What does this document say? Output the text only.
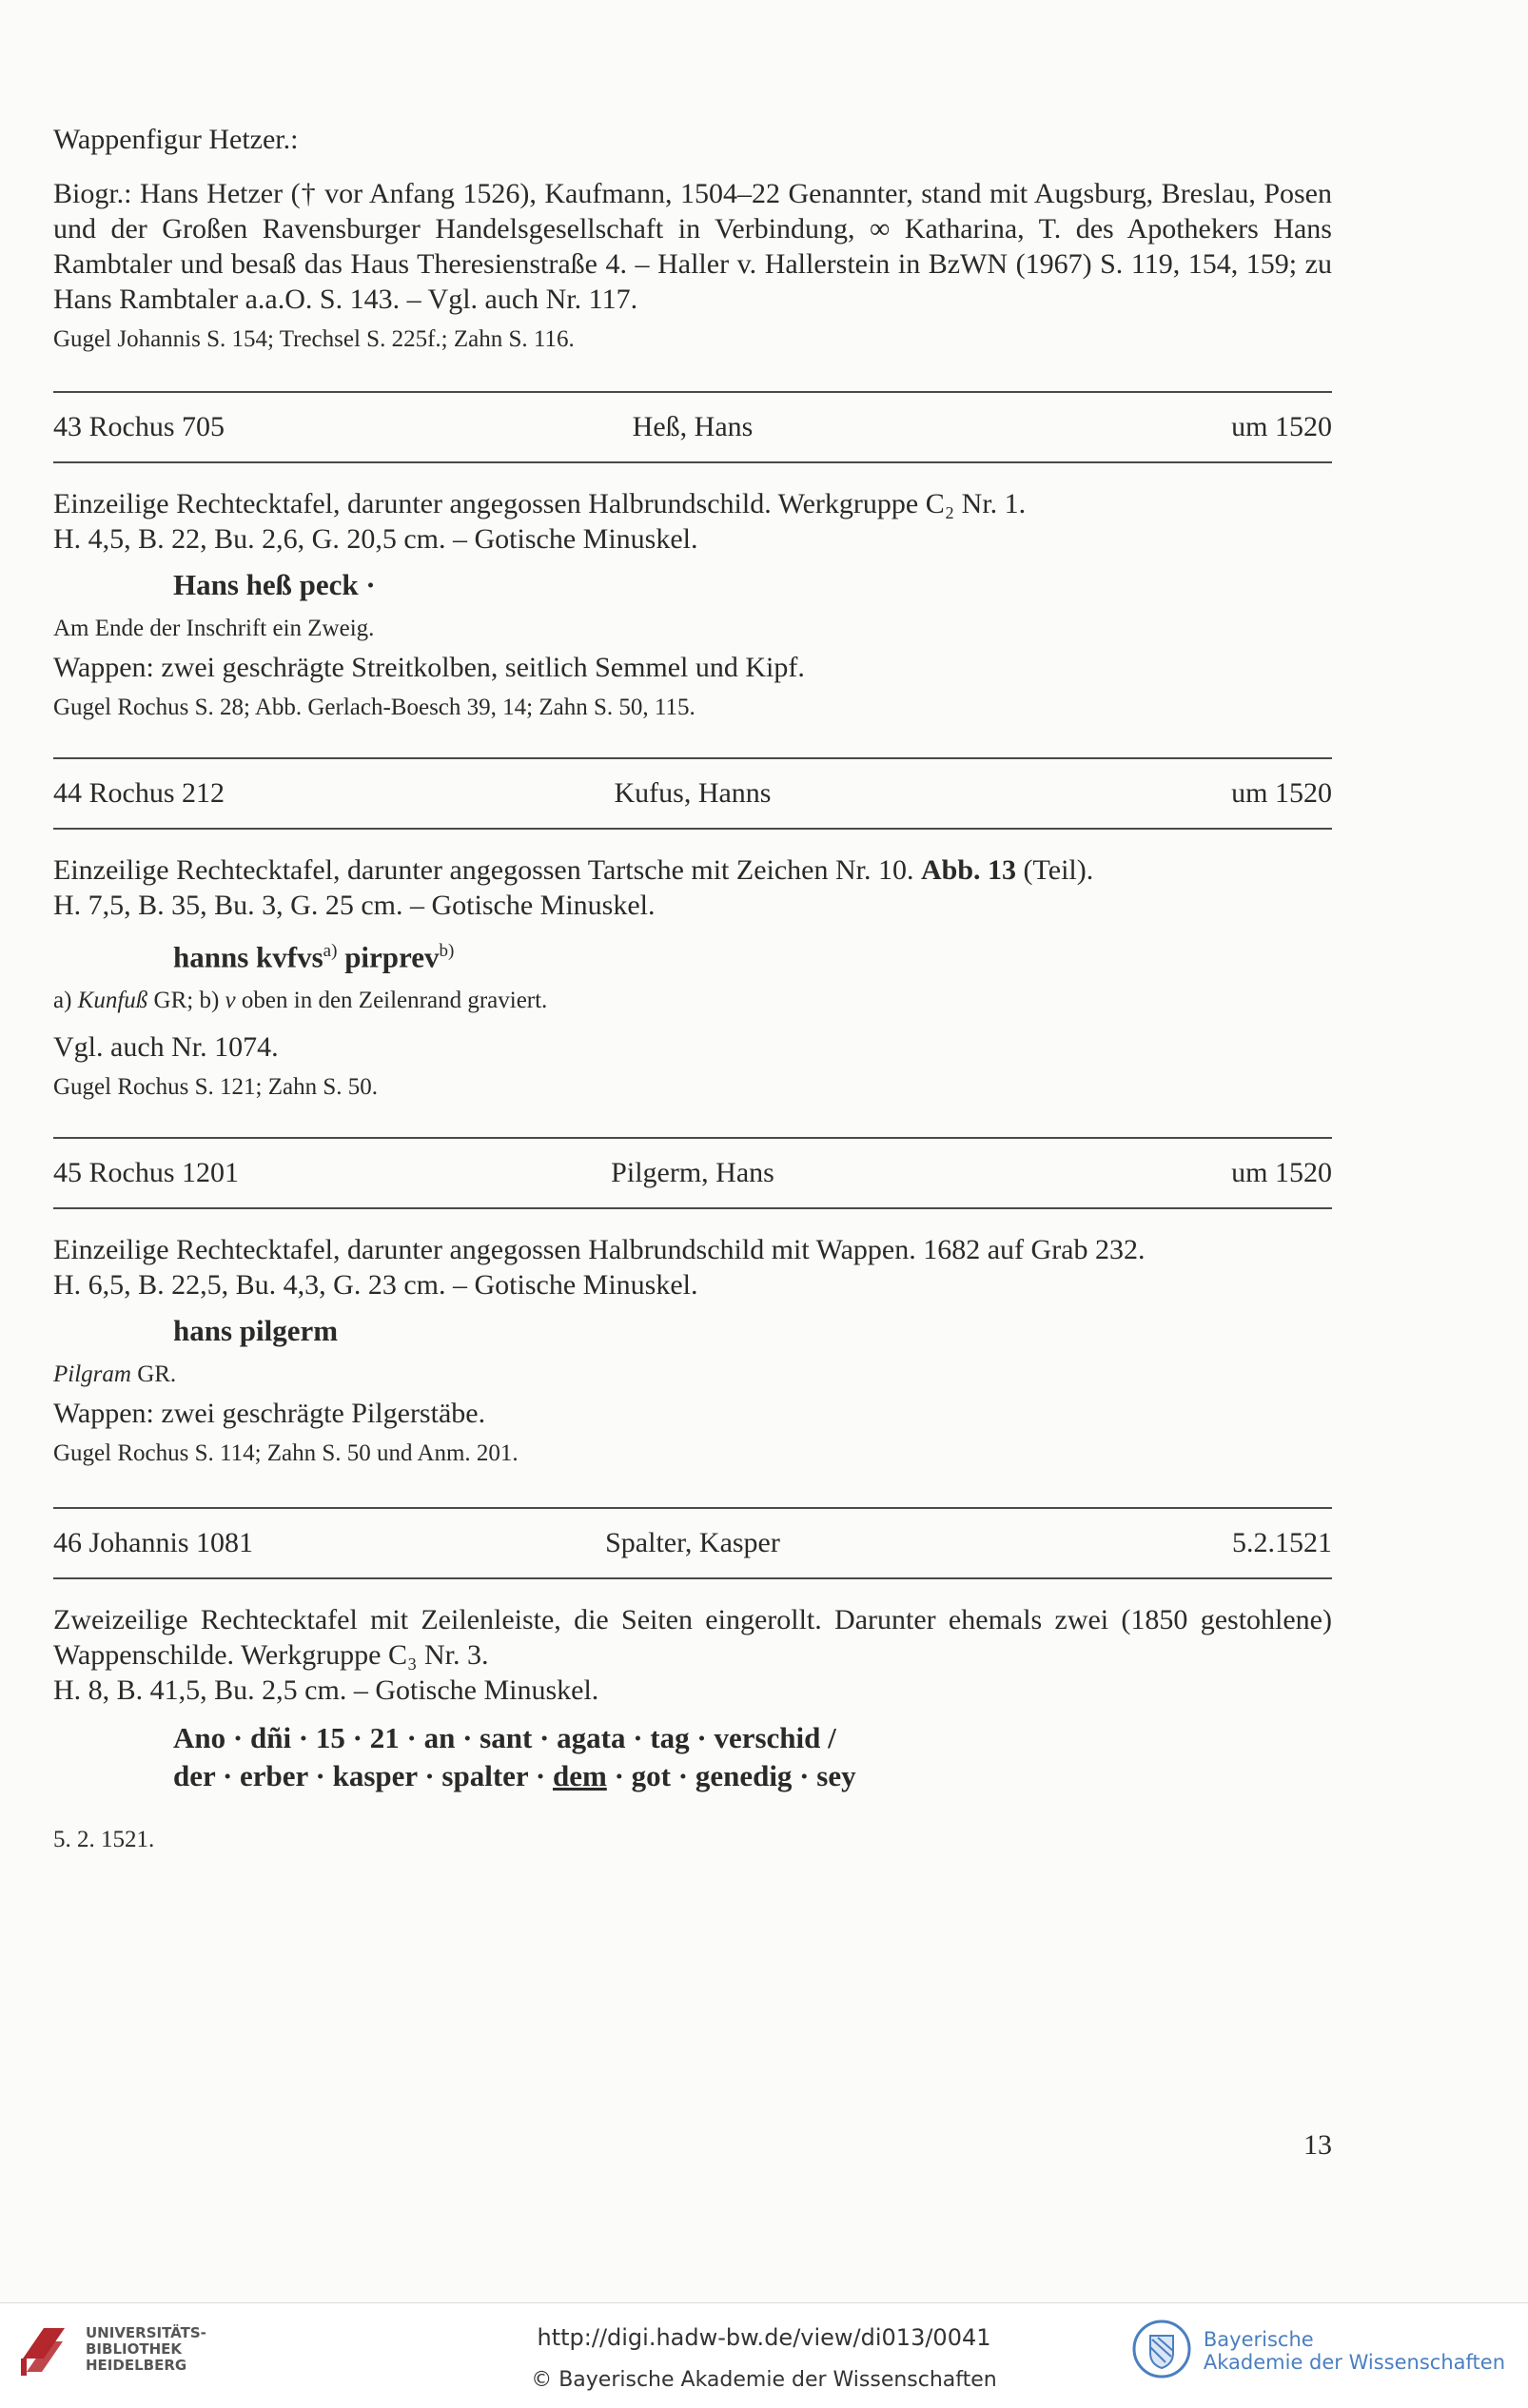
Wappenfigur Hetzer.:

Biogr.: Hans Hetzer († vor Anfang 1526), Kaufmann, 1504–22 Genannter, stand mit Augsburg, Breslau, Posen und der Großen Ravensburger Handelsgesellschaft in Verbindung, ∞ Katharina, T. des Apothekers Hans Rambtaler und besaß das Haus Theresienstraße 4. – Haller v. Hallerstein in BzWN (1967) S. 119, 154, 159; zu Hans Rambtaler a.a.O. S. 143. – Vgl. auch Nr. 117.

Gugel Johannis S. 154; Trechsel S. 225f.; Zahn S. 116.

43 Rochus 705	Heß, Hans	um 1520

Einzeilige Rechtecktafel, darunter angegossen Halbrundschild. Werkgruppe C₂ Nr. 1.

H. 4,5, B. 22, Bu. 2,6, G. 20,5 cm. – Gotische Minuskel.

Hans heß peck ·

Am Ende der Inschrift ein Zweig.

Wappen: zwei geschrägte Streitkolben, seitlich Semmel und Kipf.

Gugel Rochus S. 28; Abb. Gerlach-Boesch 39, 14; Zahn S. 50, 115.

44 Rochus 212	Kufus, Hanns	um 1520

Einzeilige Rechtecktafel, darunter angegossen Tartsche mit Zeichen Nr. 10. Abb. 13 (Teil).

H. 7,5, B. 35, Bu. 3, G. 25 cm. – Gotische Minuskel.

hanns kvfvs$^{a)}$ pirprev$^{b)}$

a) Kunfuß GR; b) v oben in den Zeilenrand graviert.

Vgl. auch Nr. 1074.

Gugel Rochus S. 121; Zahn S. 50.

45 Rochus 1201	Pilgerm, Hans	um 1520

Einzeilige Rechtecktafel, darunter angegossen Halbrundschild mit Wappen. 1682 auf Grab 232.

H. 6,5, B. 22,5, Bu. 4,3, G. 23 cm. – Gotische Minuskel.

hans pilgerm

Pilgram GR.

Wappen: zwei geschrägte Pilgerstäbe.

Gugel Rochus S. 114; Zahn S. 50 und Anm. 201.

46 Johannis 1081	Spalter, Kasper	5.2.1521

Zweizeilige Rechtecktafel mit Zeilenleiste, die Seiten eingerollt. Darunter ehemals zwei (1850 gestohlene) Wappenschilde. Werkgruppe C₃ Nr. 3.

H. 8, B. 41,5, Bu. 2,5 cm. – Gotische Minuskel.

Ano · dñi · 15 · 21 · an · sant · agata · tag · verschid /

der · erber · kasper · spalter · dem · got · genedig · sey

5. 2. 1521.

13
UNIVERSITÄTS-
BIBLIOTHEK
HEIDELBERG
http://digi.hadw-bw.de/view/di013/0041
© Bayerische Akademie der Wissenschaften
Bayerische
Akademie der Wissenschaften
